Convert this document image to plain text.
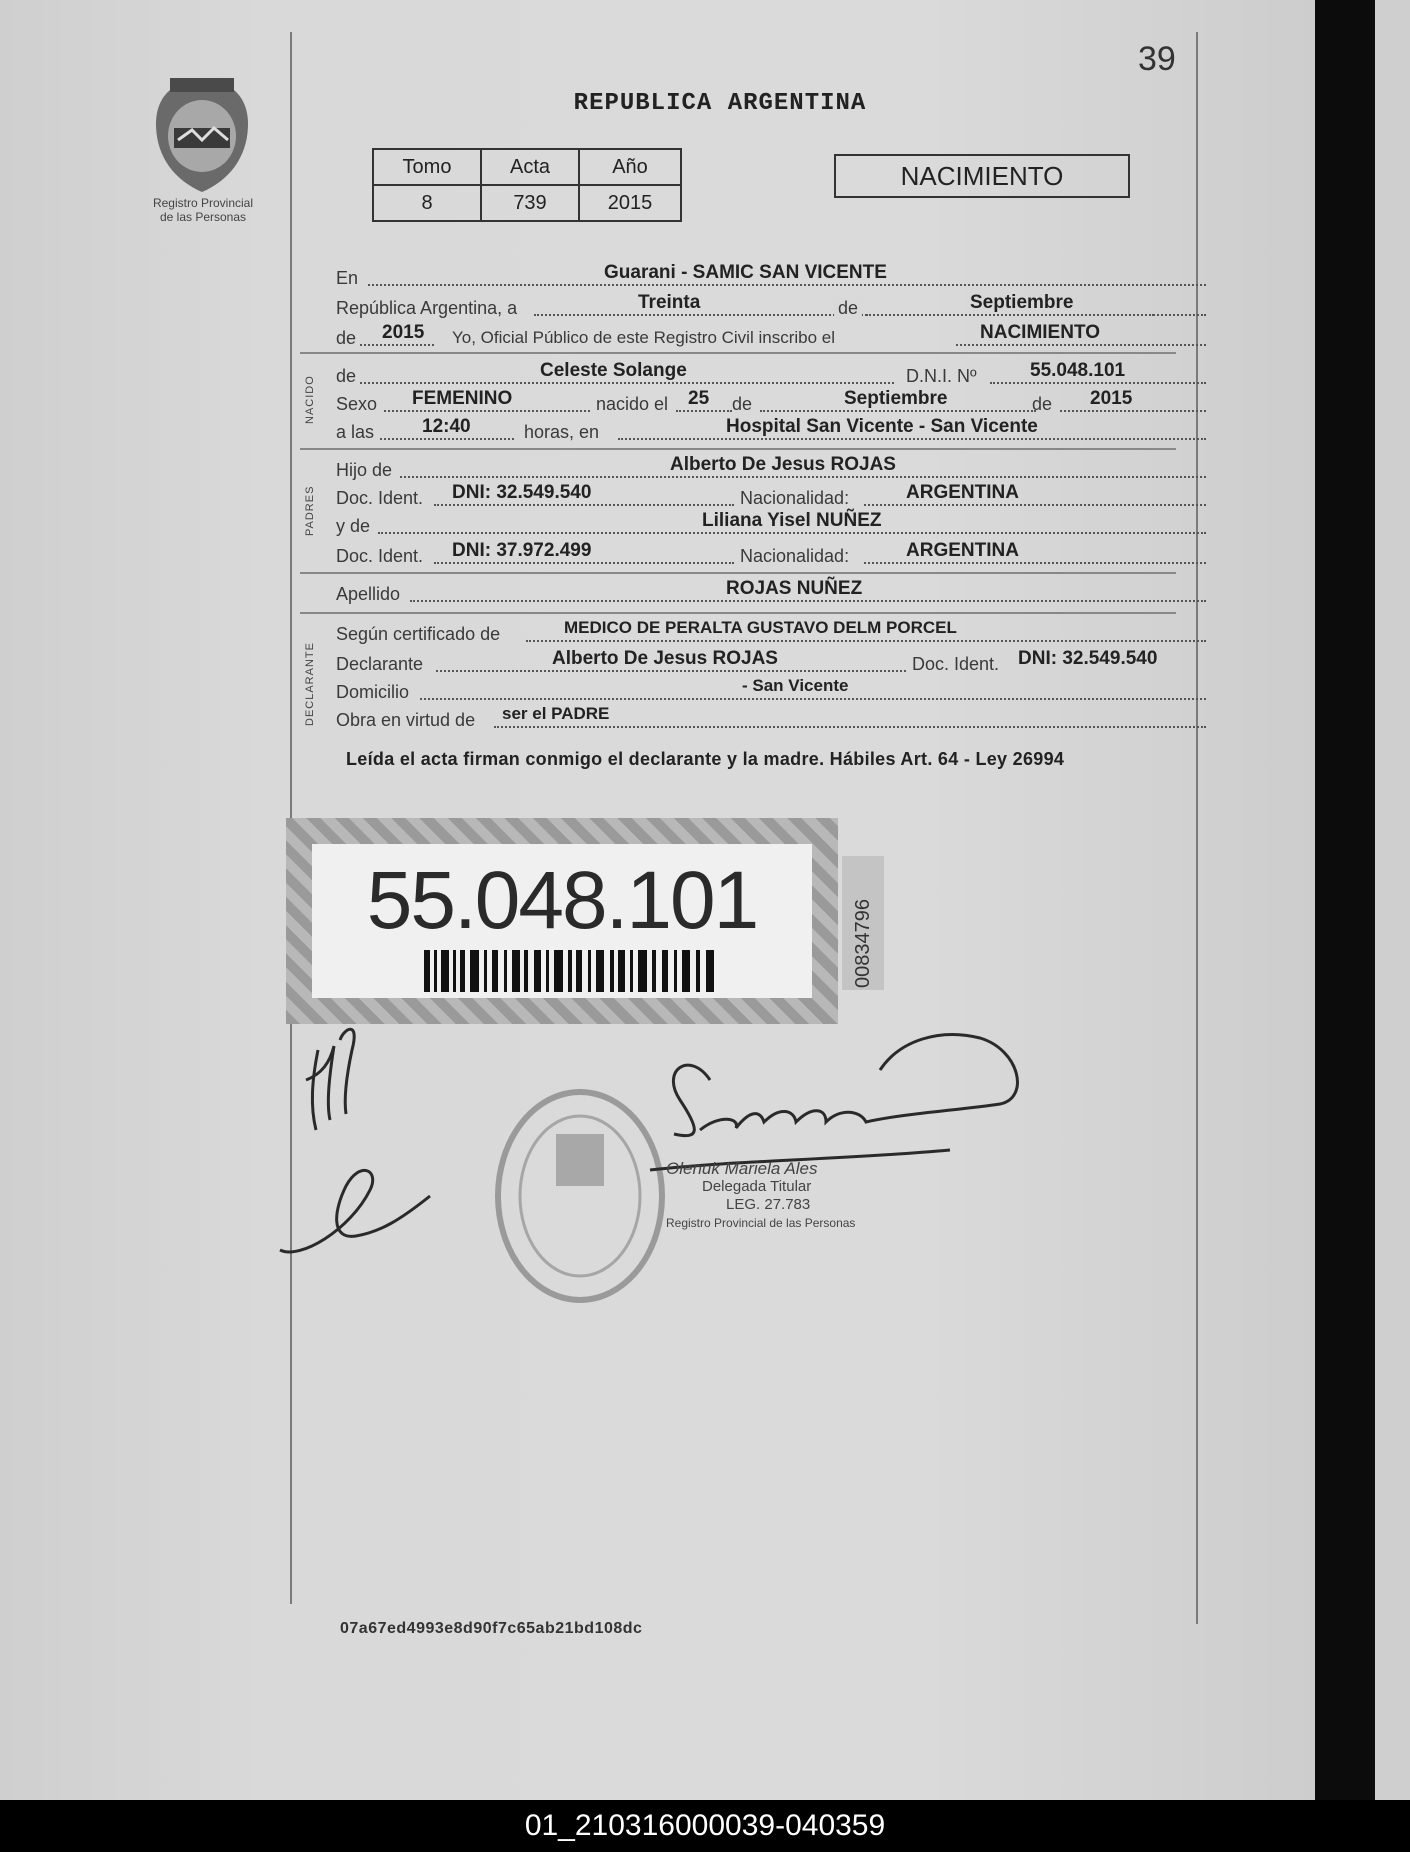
39
Registro Provincial
de las Personas
REPUBLICA ARGENTINA
Tomo	Acta	Año
8	739	2015
NACIMIENTO
En	Guarani - SAMIC SAN VICENTE
República Argentina, a	Treinta	de	Septiembre
de 2015 Yo, Oficial Público de este Registro Civil inscribo el	NACIMIENTO
NACIDO de	Celeste Solange	D.N.I. Nº	55.048.101
Sexo FEMENINO	nacido el 25 de	Septiembre	de 2015
a las	12:40	horas, en	Hospital San Vicente - San Vicente
PADRES
Hijo de	Alberto De Jesus ROJAS
Doc. Ident. DNI: 32.549.540	Nacionalidad:	ARGENTINA
y de	Liliana Yisel NUÑEZ
Doc. Ident. DNI: 37.972.499	Nacionalidad:	ARGENTINA
Apellido	ROJAS NUÑEZ
DECLARANTE
Según certificado de	MEDICO DE PERALTA GUSTAVO DELM PORCEL
Declarante	Alberto De Jesus ROJAS	Doc. Ident. DNI: 32.549.540
Domicilio	- San Vicente
Obra en virtud de ser el PADRE
Leída el acta firman conmigo el declarante y la madre. Hábiles Art. 64 - Ley 26994
55.048.101	00834796
Olenuk Mariela Ales
Delegada Titular
LEG. 27.783
Registro Provincial de las Personas
07a67ed4993e8d90f7c65ab21bd108dc
01_210316000039-040359
